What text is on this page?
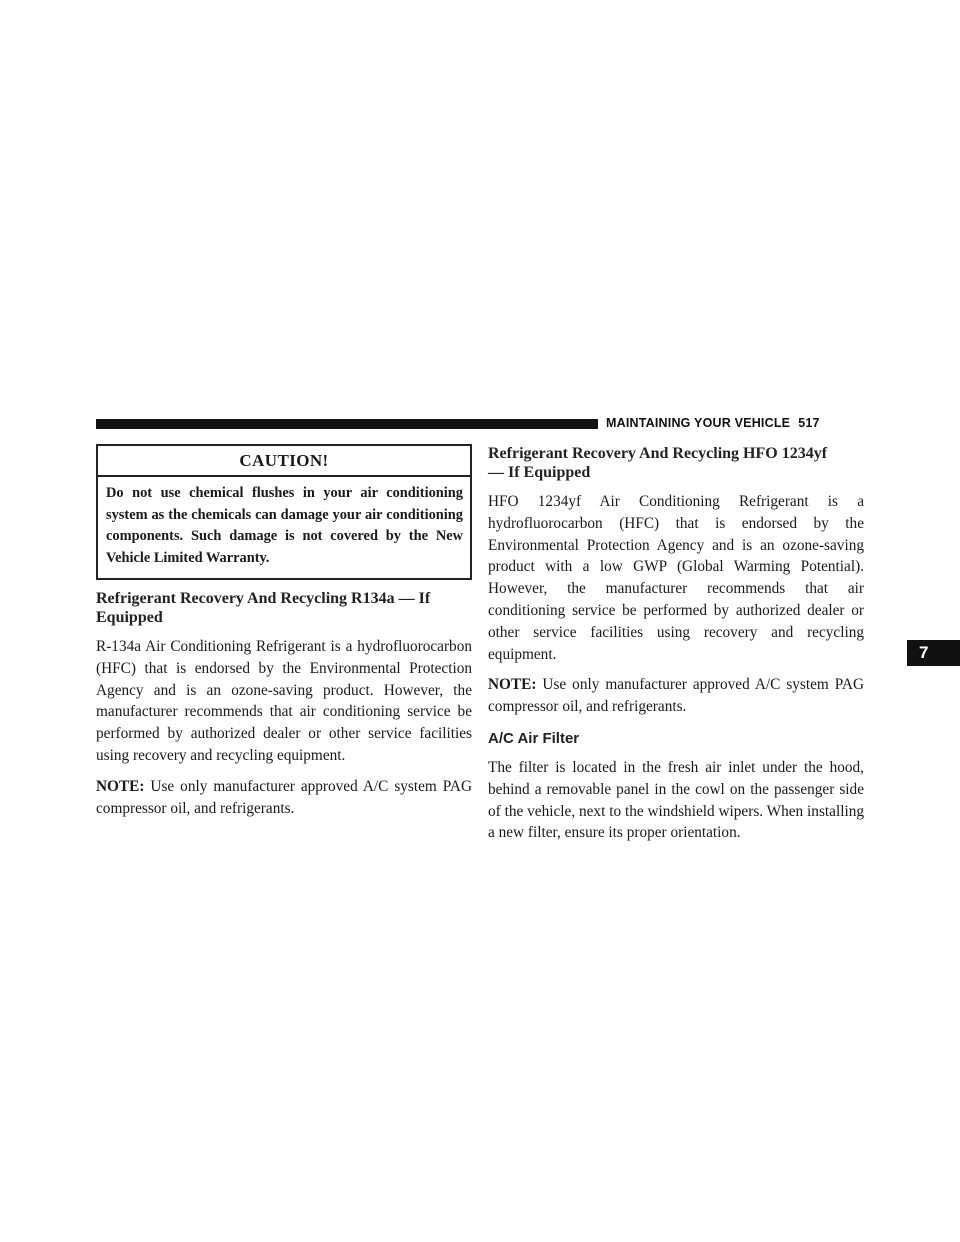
MAINTAINING YOUR VEHICLE 517
7
CAUTION!
Do not use chemical flushes in your air conditioning system as the chemicals can damage your air conditioning components. Such damage is not covered by the New Vehicle Limited Warranty.
Refrigerant Recovery And Recycling R134a — If
Equipped

R-134a Air Conditioning Refrigerant is a hydrofluorocarbon (HFC) that is endorsed by the Environmental Protection Agency and is an ozone-saving product. However, the manufacturer recommends that air conditioning service be performed by authorized dealer or other service facilities using recovery and recycling equipment.

NOTE: Use only manufacturer approved A/C system PAG compressor oil, and refrigerants.

Refrigerant Recovery And Recycling HFO 1234yf
— If Equipped

HFO 1234yf Air Conditioning Refrigerant is a hydrofluorocarbon (HFC) that is endorsed by the Environmental Protection Agency and is an ozone-saving product with a low GWP (Global Warming Potential). However, the manufacturer recommends that air conditioning service be performed by authorized dealer or other service facilities using recovery and recycling equipment.

NOTE: Use only manufacturer approved A/C system PAG compressor oil, and refrigerants.

A/C Air Filter

The filter is located in the fresh air inlet under the hood, behind a removable panel in the cowl on the passenger side of the vehicle, next to the windshield wipers. When installing a new filter, ensure its proper orientation.
